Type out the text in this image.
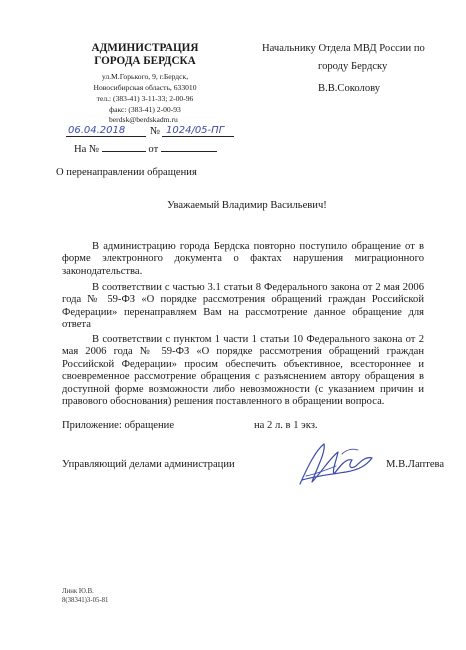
АДМИНИСТРАЦИЯ
ГОРОДА БЕРДСКА
ул.М.Горького, 9, г.Бердск,
Новосибирская область, 633010
тел.: (383-41) 3-11-33; 2-00-96
факс: (383-41) 2-00-93
berdsk@berdskadm.ru
06.04.2018 № 1024/05-ПГ
На №	от
Начальнику Отдела МВД России по
городу Бердску
В.В.Соколову
О перенаправлении обращения
Уважаемый Владимир Васильевич!
В администрацию города Бердска повторно поступило обращение от в форме электронного документа о фактах нарушения миграционного законодательства.
В соответствии с частью 3.1 статьи 8 Федерального закона от 2 мая 2006 года № 59-ФЗ «О порядке рассмотрения обращений граждан Российской Федерации» перенаправляем Вам на рассмотрение данное обращение для ответа
В соответствии с пунктом 1 части 1 статьи 10 Федерального закона от 2 мая 2006 года № 59-ФЗ «О порядке рассмотрения обращений граждан Российской Федерации» просим обеспечить объективное, всестороннее и своевременное рассмотрение обращения с разъяснением автору обращения в доступной форме возможности либо невозможности (с указанием причин и правового обоснования) решения поставленного в обращении вопроса.
Приложение: обращение	на 2 л. в 1 экз.
Управляющий делами администрации	М.В.Лаптева
Линк Ю.В.
8(38341)3-05-81
